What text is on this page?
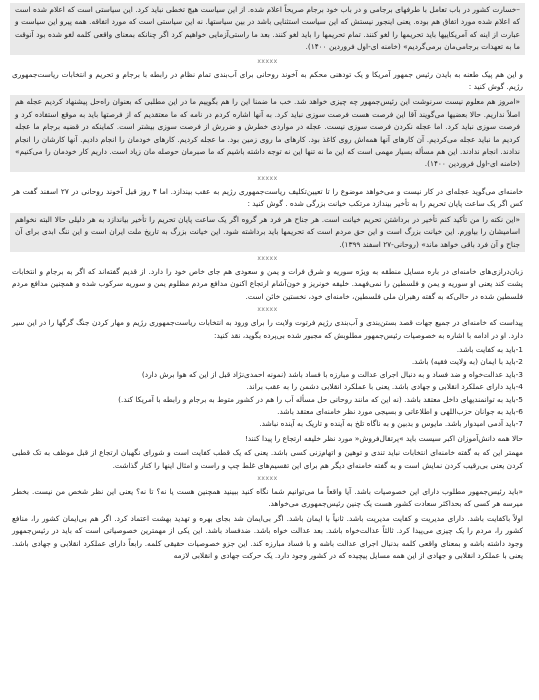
–خسارت کشور در باب تعامل با طرفهای برجامی و در باب خود برجام صریحاً اعلام شده. از این سیاست هیچ تخطی نباید کرد. این سیاستی است که اعلام شده است که اعلام شده مورد اتفاق هم بوده. یعنی اینجور نیستش که این سیاست استثنایی باشد در بین سیاستها. نه این سیاستی است که مورد اتفاقه. همه پیرو این سیاست و عبارت از اینه که آمریکاییها باید تحریمها را لغو کنند. تمام تحریمها را باید لغو کنند. بعد ما راستی‌آزمایی خواهیم کرد اگر چنانکه بمعنای واقعی کلمه لغو شده بود آنوقت ما به تعهدات برجامی‌مان برمی‌گردیم» (خامنه ای-اول فروردین ۱۴۰۰).
xxxxx
و این هم پیک طعنه به بایدن رئیس جمهور آمریکا و یک تودهنی محکم به آخوند روحانی برای آب‌بندی تمام نظام در رابطه با برجام و تحریم و انتخابات ریاست‌جمهوری رژیم. گوش کنید :
«امروز هم معلوم نیست سرنوشت این رئیس‌جمهور چه چیزی خواهد شد. خب ما ضمنا این را هم بگوییم ما در این مطلبی که بعنوان راه‌حل پیشنهاد کردیم عجله هم اصلاً نداریم. حالا بعضیها می‌گویند آقا این فرصت هست فرصت سوزی نباید کرد. به آنها اشاره کردم در نامه که ما معتقدیم که از فرصتها باید به موقع استفاده کرد و فرصت سوزی نباید کرد. اما عجله نکردن فرصت سوزی نیست. عجله در مواردی خطرش و ضررش از فرصت سوزی بیشتر است. کماینکه در قضیه برجام ما عجله کردیم ما نباید عجله می‌کردیم. آن کارهای آنها همه‌اش روی کاغذ بود. کارهای ما روی زمین بود. ما عجله کردیم. کارهای خودمان را انجام دادیم. آنها کارشان را انجام ندادند. انجام ندادند. این هم مسأله بسیار مهمی است که این ما نه تنها این نه توجه داشته باشیم که ما صبرمان حوصله مان زیاد است. داریم کار خودمان را می‌کنیم» (خامنه ای-اول فروردین ۱۴۰۰).
xxxxx
خامنه‌ای می‌گوید عجله‌ای در کار نیست و می‌خواهد موضوع را تا تعیین‌تکلیف ریاست‌جمهوری رژیم به عقب بیندازد. اما ۴ روز قبل آخوند روحانی در ۲۷ اسفند گفت هر کس اگر یک ساعت پایان تحریم را به تأخیر بیندازد مرتکب خیانت بزرگی شده . گوش کنید :
«این نکته را من تأکید کنم تأخیر در برداشتن تحریم خیانت است. هر جناح هر فرد هر گروه اگر یک ساعت پایان تحریم را تأخیر بیاندازد به هر دلیلی حالا البته نخواهم اسامیشان را بیاورم. این خیانت بزرگ است و این حق مردم است که تحریمها باید برداشته شود. این خیانت بزرگ به تاریخ ملت ایران است و این ننگ ابدی برای آن جناح و آن فرد باقی خواهد ماند» (روحانی-۲۷ اسفند ۱۳۹۹).
xxxxx
زبان‌درازی‌های خامنه‌ای در باره مسایل منطقه به ویژه سوریه و شرق فرات و یمن و سعودی هم جای خاص خود را دارد. از قدیم گفته‌اند که اگر به برجام و انتخابات پشت کند یعنی او سوریه و یمن و فلسطین را نمی‌فهمد. خلیفه خونریز و خون‌آشام ارتجاع اکنون مدافع مردم مظلوم یمن و سوریه سرکوب شده و همچنین مدافع مردم فلسطین شده در حالی‌که به گفته رهبران ملی فلسطین، خامنه‌ای خود، نخستین خائن است.
xxxxx
پیداست که خامنه‌ای در جمیع جهات قصد بستن‌بندی و آب‌بندی رژیم فرتوت ولایت را برای ورود به انتخابات ریاست‌جمهوری رژیم و مهار کردن جنگ گرگها را در این سیر دارد. او در ادامه با اشاره به خصوصیات رئیس‌جمهور مطلوبش که مجبور شده بی‌پرده بگوید، نقد کنید:
1-باید به کفایت باشد.
2-باید با ایمان (به ولایت فقیه) باشد.
3-باید عدالت‌خواه و ضد فساد و به دنبال اجرای عدالت و مبارزه با فساد باشد (نمونه احمدی‌نژاد قبل از این که هوا برش دارد)
4-باید دارای عملکرد انقلابی و جهادی باشد. یعنی با عملکرد انقلابی دشمن را به عقب براند.
5-باید به توانمندیهای داخل معتقد باشد. (نه این که مانند روحانی حل مسأله اَب را هم در کشور متوط به برجام و رابطه با آمریکا کند.)
6-باید به جوانان حزب‌اللهی و اطلاعاتی و بسیجی مورد نظر خامنه‌ای معتقد باشد.
7-باید آدمی امیدوار باشد. مایوس و بدبین و به ناگاه تلخ به آینده و تاریک به آینده نباشد.
حالا همه دانش‌آموزان اکبر سیست باید »پرتقال‌فروش« مورد نظر خلیفه ارتجاع را پیدا کنند!
مهمتر این که به گفته خامنه‌ای انتخابات نباید تندی و توهین و اتهام‌زنی کسی باشد. یعنی که یک قطب کفایت است و شورای نگهبان ارتجاع از قبل موظف به تک قطبی کردن یعنی بی‌رقیب کردن نمایش است و به گفته خامنه‌ای دیگر هم برای این تقسیم‌های غلط چپ و راست و امثال اینها را کنار گذاشت.
xxxxx
«باید رئیس‌جمهور مطلوب دارای این خصوصیات باشد. آیا واقعاً ما می‌توانیم شما نگاه کنید ببینید همچنین هست یا نه؟ تا نه؟ یعنی این نظر شخص من نیست. بخطر میرسه هر کسی که بحداکثر سعادت کشور هست یک چنین رئیس‌جمهوری می‌خواهد.
اولاً باکفایت باشد. دارای مدیریت و کفایت مدیریت باشد. ثانیاً با ایمان باشد. اگر بی‌ایمان شد بجای بهره و تهدید بهشت اعتماد کرد. اگر هم بی‌ایمان کشور را، منافع کشور را، مردم را یک چیزی می‌پیدا کرد. ثالثاً عدالت‌خواه باشد. بعد عدالت خواه باشد. ضدفساد باشد. این یکی از مهمترین خصوصیاتی است که باید در رئیس‌جمهور وجود داشته باشه و بمعنای واقعی کلمه بدنبال اجرای عدالت باشه و با فساد مبارزه کند. این جزو خصوصیات حقیقی کلمه. رابعاً دارای عملکرد انقلابی و جهادی باشد. یعنی با عملکرد انقلابی و جهادی از این همه مسایل پیچیده که در کشور وجود دارد. یک حرکت جهادی و انقلابی لازمه
